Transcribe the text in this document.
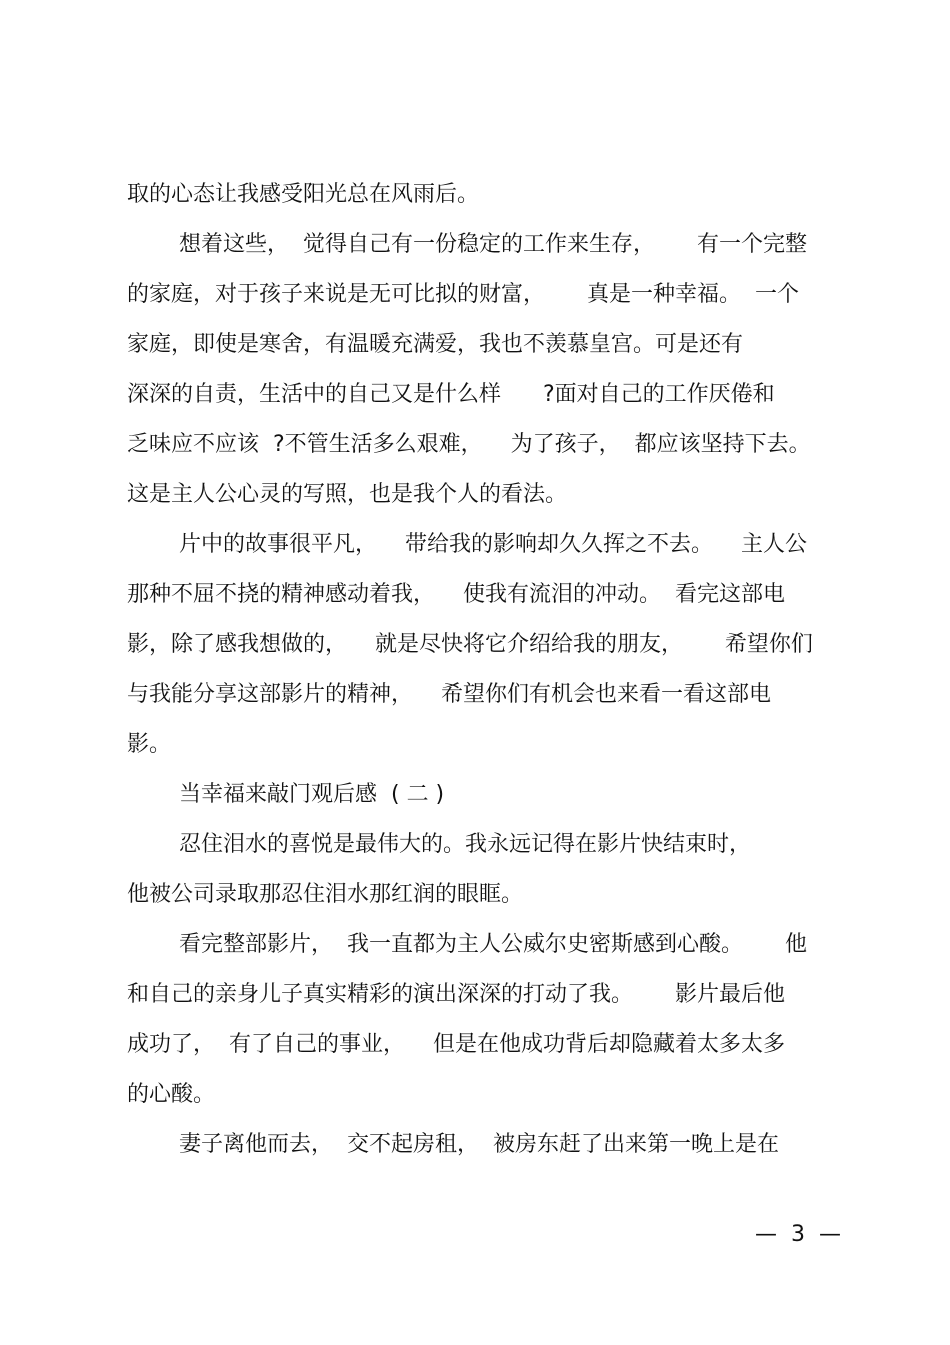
取的心态让我感受阳光总在风雨后。
想着这些，  觉得自己有一份稳定的工作来生存，      有一个完整
的家庭，对于孩子来说是无可比拟的财富，      真是一种幸福。  一个
家庭，即使是寒舍，有温暖充满爱，我也不羡慕皇宫。可是还有
深深的自责，生活中的自己又是什么样      ?面对自己的工作厌倦和
乏味应不应该  ?不管生活多么艰难，    为了孩子，  都应该坚持下去。
这是主人公心灵的写照，也是我个人的看法。
片中的故事很平凡，    带给我的影响却久久挥之不去。    主人公
那种不屈不挠的精神感动着我，    使我有流泪的冲动。  看完这部电
影，除了感我想做的，    就是尽快将它介绍给我的朋友，      希望你们
与我能分享这部影片的精神，    希望你们有机会也来看一看这部电
影。
当幸福来敲门观后感  ( 二 )
忍住泪水的喜悦是最伟大的。我永远记得在影片快结束时，
他被公司录取那忍住泪水那红润的眼眶。
看完整部影片，  我一直都为主人公威尔史密斯感到心酸。      他
和自己的亲身儿子真实精彩的演出深深的打动了我。      影片最后他
成功了，  有了自己的事业，    但是在他成功背后却隐藏着太多太多
的心酸。
妻子离他而去，  交不起房租，  被房东赶了出来第一晚上是在
—  3  —
